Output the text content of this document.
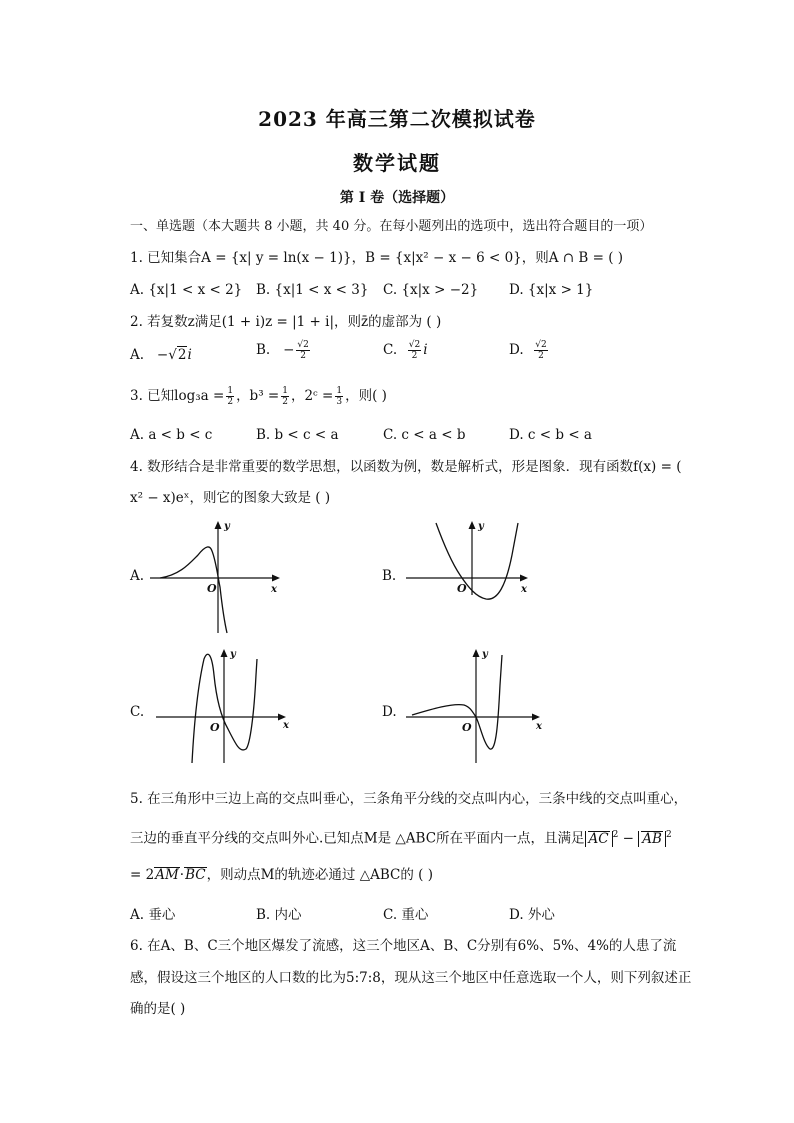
2023 年高三第二次模拟试卷
数学试题
第 I 卷（选择题）
一、单选题（本大题共 8 小题，共 40 分。在每小题列出的选项中，选出符合题目的一项）
1. 已知集合A = {x| y = ln(x − 1)}，B = {x|x² − x − 6 < 0}，则A ∩ B = ( )
A. {x|1 < x < 2} B. {x|1 < x < 3} C. {x|x > −2} D. {x|x > 1}
2. 若复数z满足(1 + i)z = |1 + i|，则z̄的虚部为 ( )
A. −√2i	B. − $\frac{√2}{2}$	C. $\frac{√2}{2}$ i	D. $\frac{√2}{2}$
3. 已知$\log_3a = \frac{1}{2}$ ，$b^3 = \frac{1}{2}$ ，2ᶜ = $\frac{1}{3}$ ，则( )
A. a < b < c	B. b < c < a	C. c < a < b	D. c < b < a
4. 数形结合是非常重要的数学思想，以函数为例，数是解析式，形是图象．现有函数f(x) = (
x² − x)eˣ，则它的图象大致是 ( )
A.
y
x
O
B.
y
x
O
C.
y
x
O
D.
y
x
O
5. 在三角形中三边上高的交点叫垂心，三条角平分线的交点叫内心，三条中线的交点叫重心，
三边的垂直平分线的交点叫外心.已知点M是 △ABC所在平面内一点，且满足 AC $^2$ − AB $^2$
= 2AM·BC，则动点M的轨迹必通过 △ABC的 ( )
A. 垂心	B. 内心	C. 重心	D. 外心
6. 在A、B、C三个地区爆发了流感，这三个地区A、B、C分别有6%、5%、4%的人患了流
感，假设这三个地区的人口数的比为5:7:8，现从这三个地区中任意选取一个人，则下列叙述正
确的是( )
